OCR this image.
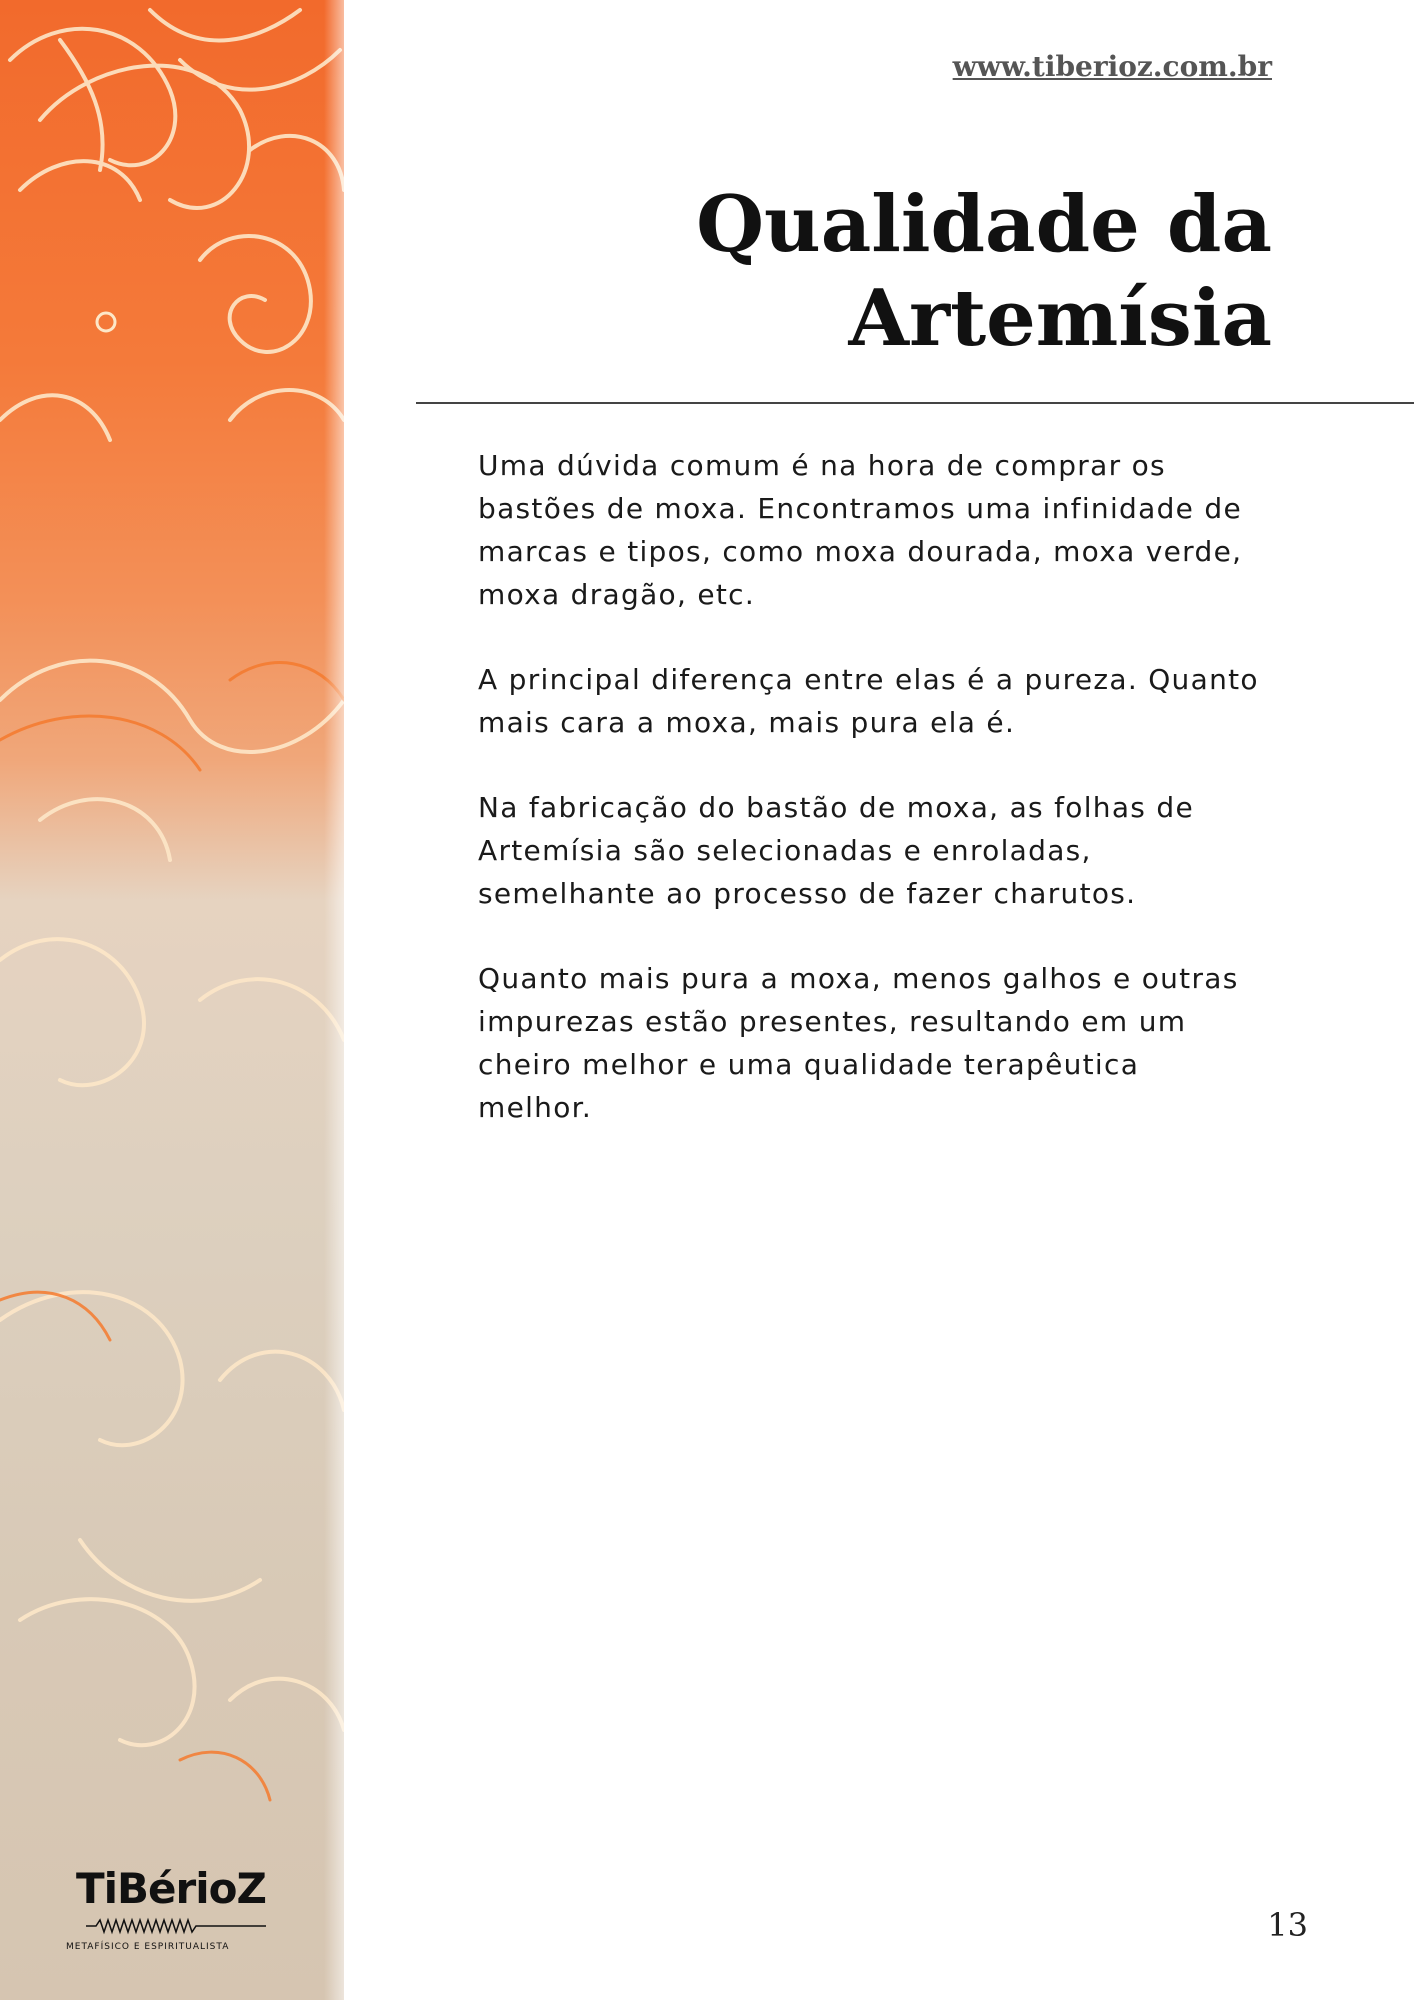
TiBérioZ
METAFÍSICO E ESPIRITUALISTA
www.tiberioz.com.br
Qualidade da
Artemísia

Uma dúvida comum é na hora de comprar os
bastões de moxa. Encontramos uma infinidade de
marcas e tipos, como moxa dourada, moxa verde,
moxa dragão, etc.

A principal diferença entre elas é a pureza. Quanto
mais cara a moxa, mais pura ela é.

Na fabricação do bastão de moxa, as folhas de
Artemísia são selecionadas e enroladas,
semelhante ao processo de fazer charutos.

Quanto mais pura a moxa, menos galhos e outras
impurezas estão presentes, resultando em um
cheiro melhor e uma qualidade terapêutica
melhor.

13
